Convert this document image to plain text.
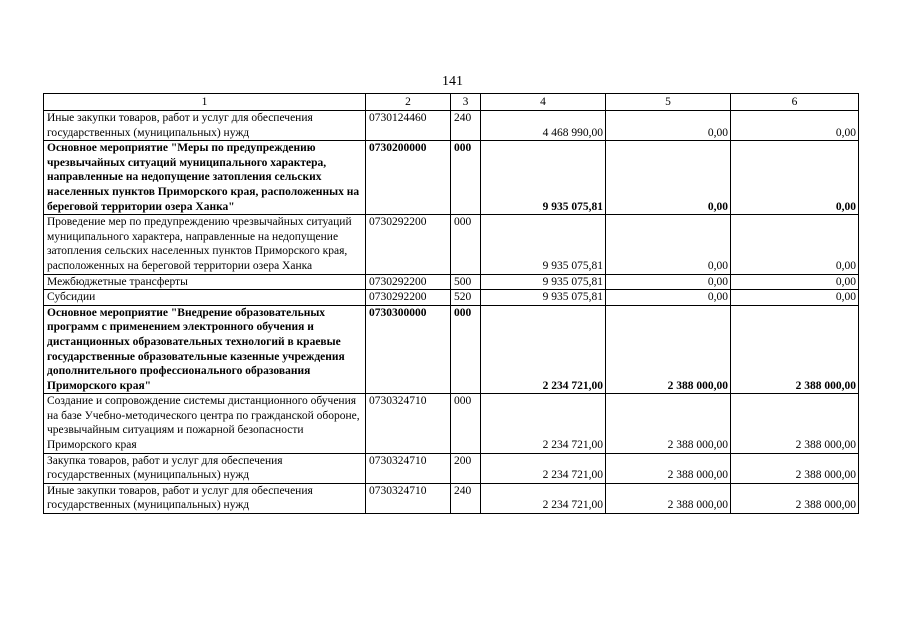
141
1	2	3	4	5	6
Иные закупки товаров, работ и услуг для обеспечения государственных (муниципальных) нужд	0730124460	240	4 468 990,00	0,00	0,00
Основное мероприятие "Меры по предупреждению чрезвычайных ситуаций муниципального характера, направленные на недопущение затопления сельских населенных пунктов Приморского края, расположенных на береговой территории озера Ханка"	0730200000	000	9 935 075,81	0,00	0,00
Проведение мер по предупреждению чрезвычайных ситуаций муниципального характера, направленные на недопущение затопления сельских населенных пунктов Приморского края, расположенных на береговой территории озера Ханка	0730292200	000	9 935 075,81	0,00	0,00
Межбюджетные трансферты	0730292200	500	9 935 075,81	0,00	0,00
Субсидии	0730292200	520	9 935 075,81	0,00	0,00
Основное мероприятие "Внедрение образовательных программ с применением электронного обучения и дистанционных образовательных технологий в краевые государственные образовательные казенные учреждения дополнительного профессионального образования Приморского края"	0730300000	000	2 234 721,00	2 388 000,00	2 388 000,00
Создание и сопровождение системы дистанционного обучения на базе Учебно-методического центра по гражданской обороне, чрезвычайным ситуациям и пожарной безопасности Приморского края	0730324710	000	2 234 721,00	2 388 000,00	2 388 000,00
Закупка товаров, работ и услуг для обеспечения государственных (муниципальных) нужд	0730324710	200	2 234 721,00	2 388 000,00	2 388 000,00
Иные закупки товаров, работ и услуг для обеспечения государственных (муниципальных) нужд	0730324710	240	2 234 721,00	2 388 000,00	2 388 000,00
